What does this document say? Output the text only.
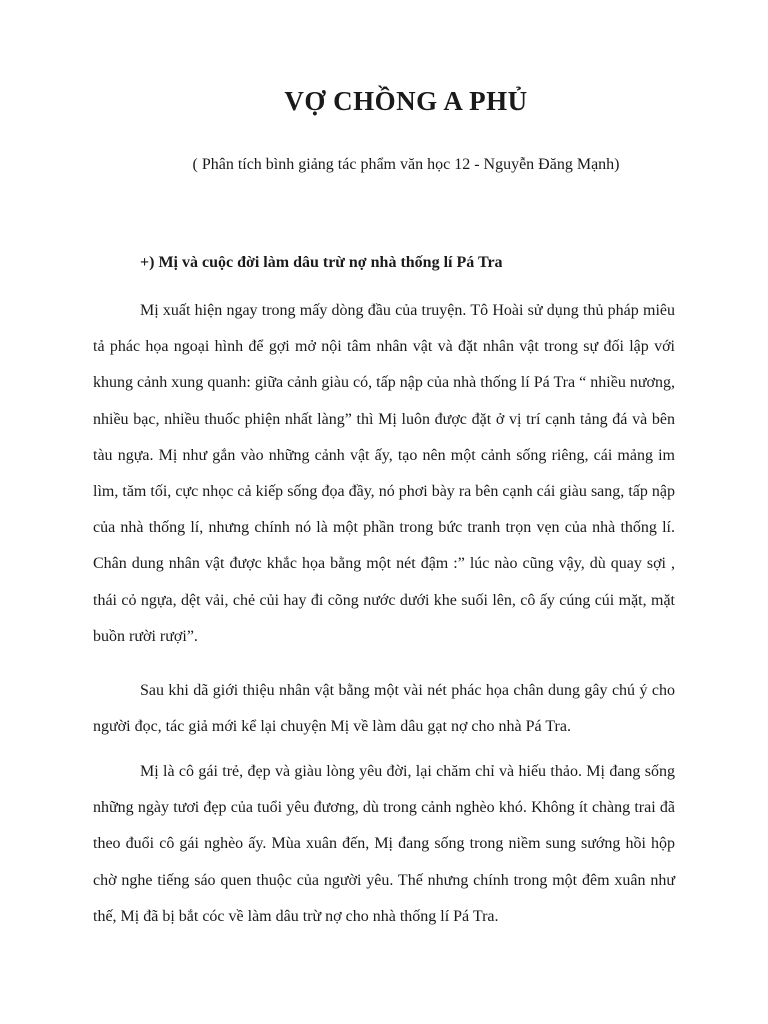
VỢ CHỒNG A PHỦ
( Phân tích bình giảng tác phẩm văn học 12 - Nguyễn Đăng Mạnh)
+) Mị và cuộc đời làm dâu trừ nợ nhà thống lí Pá Tra

Mị xuất hiện ngay trong mấy dòng đầu của truyện. Tô Hoài sử dụng thủ pháp miêu tả phác họa ngoại hình để gợi mở nội tâm nhân vật và đặt nhân vật trong sự đối lập với khung cảnh xung quanh: giữa cảnh giàu có, tấp nập của nhà thống lí Pá Tra “ nhiều nương, nhiều bạc, nhiều thuốc phiện nhất làng” thì Mị luôn được đặt ở vị trí cạnh tảng đá và bên tàu ngựa. Mị như gắn vào những cảnh vật ấy, tạo nên một cảnh sống riêng, cái mảng im lìm, tăm tối, cực nhọc cả kiếp sống đọa đầy, nó phơi bày ra bên cạnh cái giàu sang, tấp nập của nhà thống lí, nhưng chính nó là một phần trong bức tranh trọn vẹn của nhà thống lí. Chân dung nhân vật được khắc họa bằng một nét đậm :” lúc nào cũng vậy, dù quay sợi , thái cỏ ngựa, dệt vải, chẻ củi hay đi cõng nước dưới khe suối lên, cô ấy cúng cúi mặt, mặt buồn rười rượi”.

Sau khi dã giới thiệu nhân vật bằng một vài nét phác họa chân dung gây chú ý cho người đọc, tác giả mới kể lại chuyện Mị về làm dâu gạt nợ cho nhà Pá Tra.

Mị là cô gái trẻ, đẹp và giàu lòng yêu đời, lại chăm chỉ và hiếu thảo. Mị đang sống những ngày tươi đẹp của tuổi yêu đương, dù trong cảnh nghèo khó. Không ít chàng trai đã theo đuổi cô gái nghèo ấy. Mùa xuân đến, Mị đang sống trong niềm sung sướng hồi hộp chờ nghe tiếng sáo quen thuộc của người yêu. Thế nhưng chính trong một đêm xuân như thế, Mị đã bị bắt cóc về làm dâu trừ nợ cho nhà thống lí Pá Tra.
